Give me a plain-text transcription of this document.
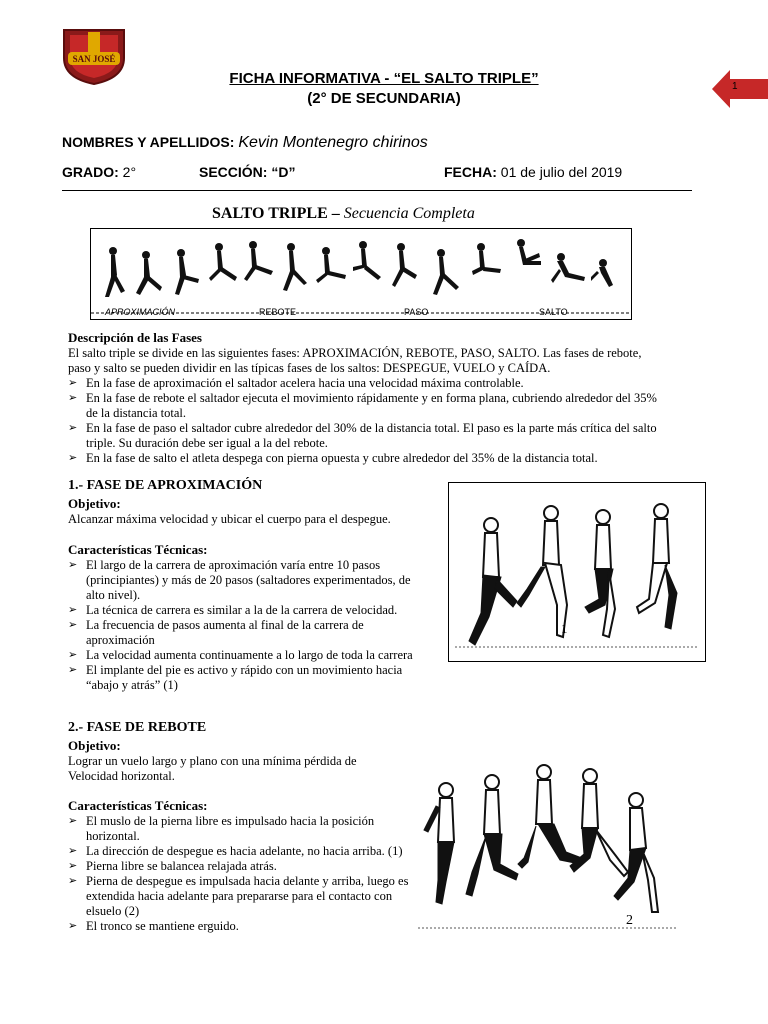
SAN JOSÉ
FICHA INFORMATIVA - “EL SALTO TRIPLE”
(2° DE SECUNDARIA)
1
NOMBRES Y APELLIDOS: Kevin Montenegro chirinos
GRADO: 2°	SECCIÓN: “D”	FECHA: 01 de julio del 2019
SALTO TRIPLE – Secuencia Completa
APROXIMACIÓN	REBOTE	PASO	SALTO
Descripción de las Fases
El salto triple se divide en las siguientes fases: APROXIMACIÓN, REBOTE, PASO, SALTO. Las fases de rebote, paso y salto se pueden dividir en las típicas fases de los saltos: DESPEGUE, VUELO y CAÍDA.
➢ En la fase de aproximación el saltador acelera hacia una velocidad máxima controlable.
➢ En la fase de rebote el saltador ejecuta el movimiento rápidamente y en forma plana, cubriendo alrededor del 35% de la distancia total.
➢ En la fase de paso el saltador cubre alrededor del 30% de la distancia total. El paso es la parte más crítica del salto triple. Su duración debe ser igual a la del rebote.
➢ En la fase de salto el atleta despega con pierna opuesta y cubre alrededor del 35% de la distancia total.
1.- FASE DE APROXIMACIÓN
Objetivo:
Alcanzar máxima velocidad y ubicar el cuerpo para el despegue.
Características Técnicas:
➢ El largo de la carrera de aproximación varía entre 10 pasos (principiantes) y más de 20 pasos (saltadores experimentados, de alto nivel).
➢ La técnica de carrera es similar a la de la carrera de velocidad.
➢ La frecuencia de pasos aumenta al final de la carrera de aproximación
➢ La velocidad aumenta continuamente a lo largo de toda la carrera
➢ El implante del pie es activo y rápido con un movimiento hacia “abajo y atrás” (1)
1
2.- FASE DE REBOTE
Objetivo:
Lograr un vuelo largo y plano con una mínima pérdida de Velocidad horizontal.
Características Técnicas:
➢ El muslo de la pierna libre es impulsado hacia la posición horizontal.
➢ La dirección de despegue es hacia adelante, no hacia arriba. (1)
➢ Pierna libre se balancea relajada atrás.
➢ Pierna de despegue es impulsada hacia delante y arriba, luego es extendida hacia adelante para prepararse para el contacto con elsuelo (2)
➢ El tronco se mantiene erguido.	2
